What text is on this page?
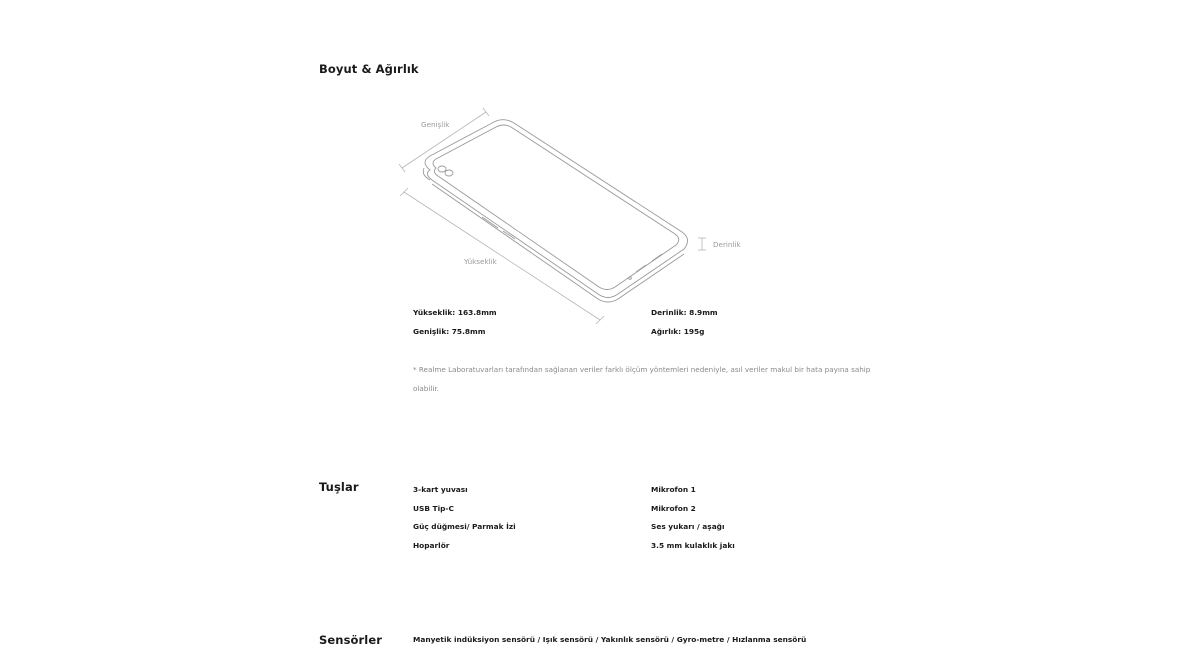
Boyut & Ağırlık
Genişlik
Yükseklik
Derinlik
Yükseklik: 163.8mm
Genişlik: 75.8mm
Derinlik: 8.9mm
Ağırlık: 195g
* Realme Laboratuvarları tarafından sağlanan veriler farklı ölçüm yöntemleri nedeniyle, asıl veriler makul bir hata payına sahip olabilir.
Tuşlar	3-kart yuvası
USB Tip-C
Güç düğmesi/ Parmak İzi
Hoparlör
Mikrofon 1
Mikrofon 2
Ses yukarı / aşağı
3.5 mm kulaklık jakı
Sensörler	Manyetik indüksiyon sensörü / Işık sensörü / Yakınlık sensörü / Gyro-metre / Hızlanma sensörü
